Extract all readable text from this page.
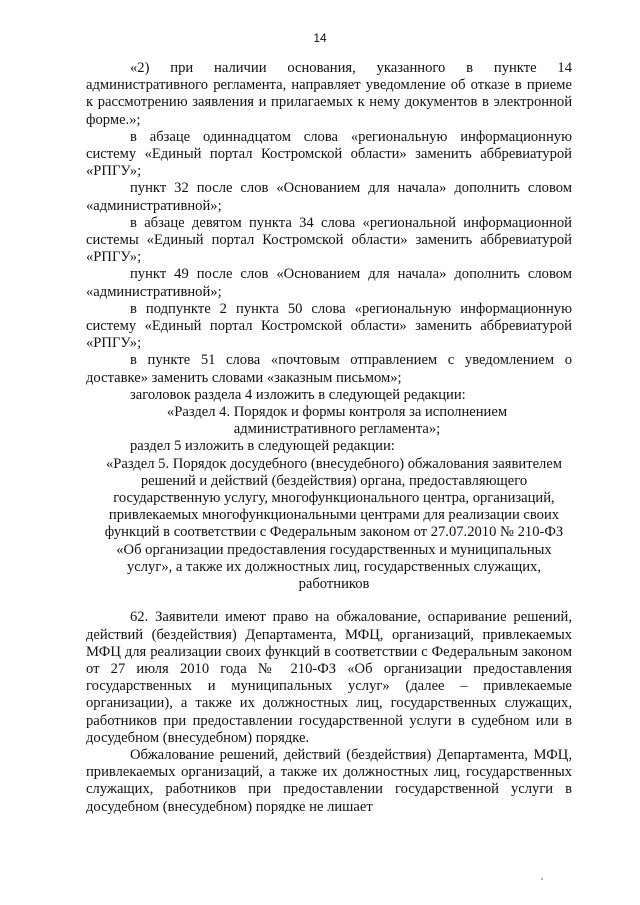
14

«2) при наличии основания, указанного в пункте 14 административного регламента, направляет уведомление об отказе в приеме к рассмотрению заявления и прилагаемых к нему документов в электронной форме.»;

в абзаце одиннадцатом слова «региональную информационную систему «Единый портал Костромской области» заменить аббревиатурой «РПГУ»;

пункт 32 после слов «Основанием для начала» дополнить словом «административной»;

в абзаце девятом пункта 34 слова «региональной информационной системы «Единый портал Костромской области» заменить аббревиатурой «РПГУ»;

пункт 49 после слов «Основанием для начала» дополнить словом «административной»;

в подпункте 2 пункта 50 слова «региональную информационную систему «Единый портал Костромской области» заменить аббревиатурой «РПГУ»;

в пункте 51 слова «почтовым отправлением с уведомлением о доставке» заменить словами «заказным письмом»;

заголовок раздела 4 изложить в следующей редакции:

«Раздел 4. Порядок и формы контроля за исполнением административного регламента»;

раздел 5 изложить в следующей редакции:

«Раздел 5. Порядок досудебного (внесудебного) обжалования заявителем решений и действий (бездействия) органа, предоставляющего государственную услугу, многофункционального центра, организаций, привлекаемых многофункциональными центрами для реализации своих функций в соответствии с Федеральным законом от 27.07.2010 № 210-ФЗ «Об организации предоставления государственных и муниципальных услуг», а также их должностных лиц, государственных служащих, работников

62. Заявители имеют право на обжалование, оспаривание решений, действий (бездействия) Департамента, МФЦ, организаций, привлекаемых МФЦ для реализации своих функций в соответствии с Федеральным законом от 27 июля 2010 года № 210-ФЗ «Об организации предоставления государственных и муниципальных услуг» (далее – привлекаемые организации), а также их должностных лиц, государственных служащих, работников при предоставлении государственной услуги в судебном или в досудебном (внесудебном) порядке.

Обжалование решений, действий (бездействия) Департамента, МФЦ, привлекаемых организаций, а также их должностных лиц, государственных служащих, работников при предоставлении государственной услуги в досудебном (внесудебном) порядке не лишает
